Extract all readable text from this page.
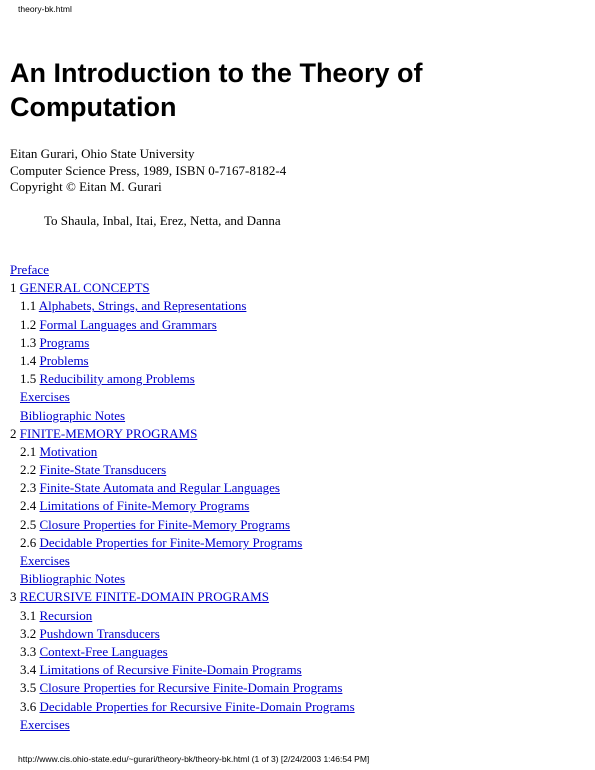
theory-bk.html
An Introduction to the Theory of Computation
Eitan Gurari, Ohio State University
Computer Science Press, 1989, ISBN 0-7167-8182-4
Copyright © Eitan M. Gurari
To Shaula, Inbal, Itai, Erez, Netta, and Danna
Preface
1 GENERAL CONCEPTS
1.1 Alphabets, Strings, and Representations
1.2 Formal Languages and Grammars
1.3 Programs
1.4 Problems
1.5 Reducibility among Problems
Exercises
Bibliographic Notes
2 FINITE-MEMORY PROGRAMS
2.1 Motivation
2.2 Finite-State Transducers
2.3 Finite-State Automata and Regular Languages
2.4 Limitations of Finite-Memory Programs
2.5 Closure Properties for Finite-Memory Programs
2.6 Decidable Properties for Finite-Memory Programs
Exercises
Bibliographic Notes
3 RECURSIVE FINITE-DOMAIN PROGRAMS
3.1 Recursion
3.2 Pushdown Transducers
3.3 Context-Free Languages
3.4 Limitations of Recursive Finite-Domain Programs
3.5 Closure Properties for Recursive Finite-Domain Programs
3.6 Decidable Properties for Recursive Finite-Domain Programs
Exercises
http://www.cis.ohio-state.edu/~gurari/theory-bk/theory-bk.html (1 of 3) [2/24/2003 1:46:54 PM]
